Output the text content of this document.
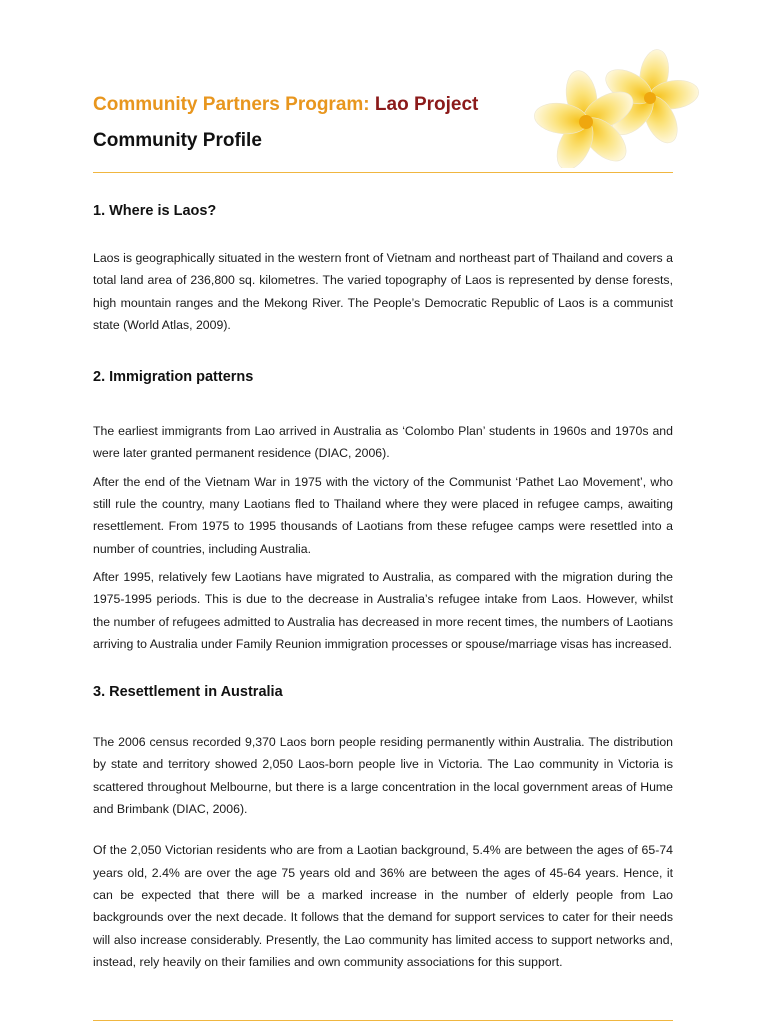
Community Partners Program: Lao Project
Community Profile
1. Where is Laos?

Laos is geographically situated in the western front of Vietnam and northeast part of Thailand and covers a total land area of 236,800 sq. kilometres. The varied topography of Laos is represented by dense forests, high mountain ranges and the Mekong River. The People’s Democratic Republic of Laos is a communist state (World Atlas, 2009).

2. Immigration patterns

The earliest immigrants from Lao arrived in Australia as ‘Colombo Plan’ students in 1960s and 1970s and were later granted permanent residence (DIAC, 2006).

After the end of the Vietnam War in 1975 with the victory of the Communist ‘Pathet Lao Movement’, who still rule the country, many Laotians fled to Thailand where they were placed in refugee camps, awaiting resettlement. From 1975 to 1995 thousands of Laotians from these refugee camps were resettled into a number of countries, including Australia.

After 1995, relatively few Laotians have migrated to Australia, as compared with the migration during the 1975-1995 periods. This is due to the decrease in Australia’s refugee intake from Laos. However, whilst the number of refugees admitted to Australia has decreased in more recent times, the numbers of Laotians arriving to Australia under Family Reunion immigration processes or spouse/marriage visas has increased.

3. Resettlement in Australia

The 2006 census recorded 9,370 Laos born people residing permanently within Australia. The distribution by state and territory showed 2,050 Laos-born people live in Victoria. The Lao community in Victoria is scattered throughout Melbourne, but there is a large concentration in the local government areas of Hume and Brimbank (DIAC, 2006).

Of the 2,050 Victorian residents who are from a Laotian background, 5.4% are between the ages of 65-74 years old, 2.4% are over the age 75 years old and 36% are between the ages of 45-64 years. Hence, it can be expected that there will be a marked increase in the number of elderly people from Lao backgrounds over the next decade. It follows that the demand for support services to cater for their needs will also increase considerably. Presently, the Lao community has limited access to support networks and, instead, rely heavily on their families and own community associations for this support.
